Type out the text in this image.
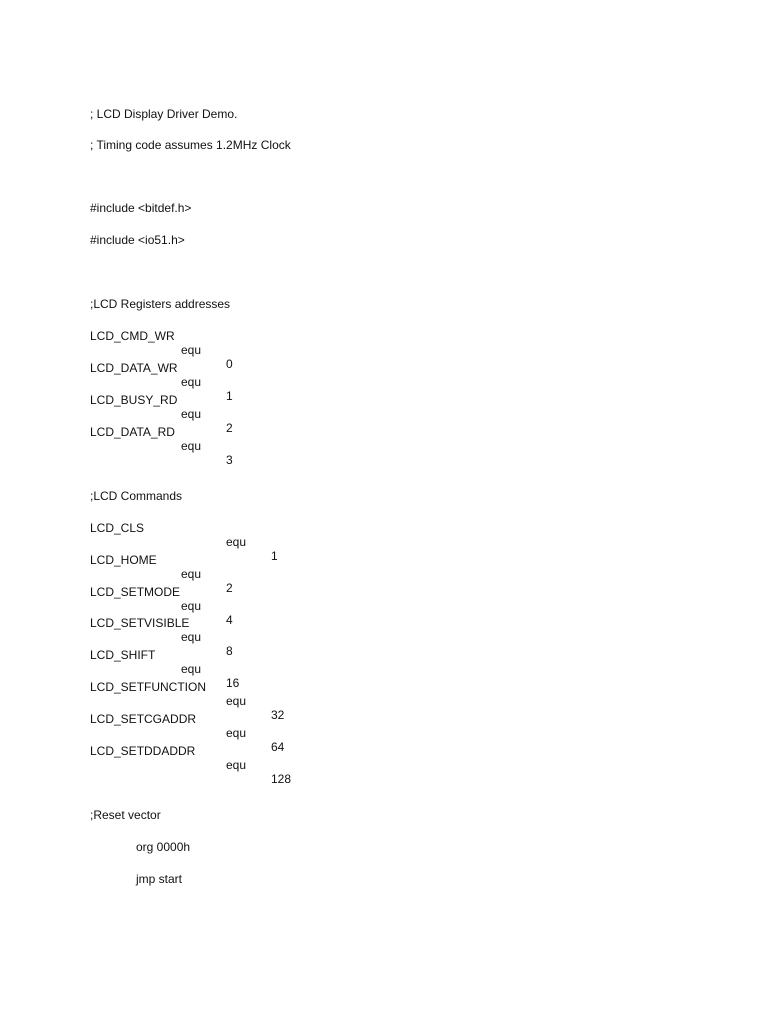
; LCD Display Driver Demo.

; Timing code assumes 1.2MHz Clock

#include <bitdef.h>

#include <io51.h>

;LCD Registers addresses

LCD_CMD_WR

equ

0

LCD_DATA_WR

equ

1

LCD_BUSY_RD

equ

2

LCD_DATA_RD

equ

3

;LCD Commands

LCD_CLS

equ

1

LCD_HOME

equ

2

LCD_SETMODE

equ

4

LCD_SETVISIBLE

equ

8

LCD_SHIFT

equ

16

LCD_SETFUNCTION

equ

32

LCD_SETCGADDR

equ

64

LCD_SETDDADDR

equ

128

;Reset vector

org 0000h

jmp start
